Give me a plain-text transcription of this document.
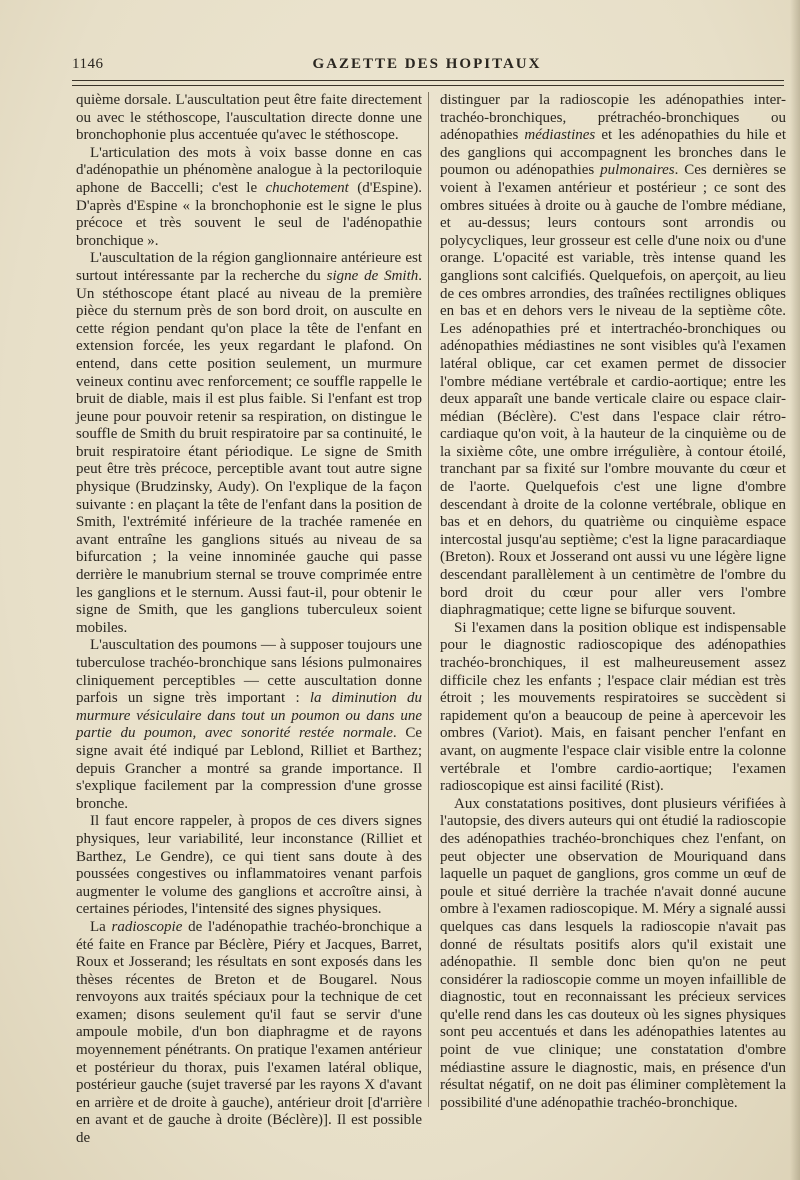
1146	GAZETTE DES HOPITAUX

quième dorsale. L'auscultation peut être faite directement ou avec le stéthoscope, l'auscultation directe donne une bronchophonie plus accentuée qu'avec le stéthoscope.

L'articulation des mots à voix basse donne en cas d'adénopathie un phénomène analogue à la pectoriloquie aphone de Baccelli; c'est le chuchotement (d'Espine). D'après d'Espine « la bronchophonie est le signe le plus précoce et très souvent le seul de l'adénopathie bronchique ».

L'auscultation de la région ganglionnaire antérieure est surtout intéressante par la recherche du signe de Smith. Un stéthoscope étant placé au niveau de la première pièce du sternum près de son bord droit, on ausculte en cette région pendant qu'on place la tête de l'enfant en extension forcée, les yeux regardant le plafond. On entend, dans cette position seulement, un murmure veineux continu avec renforcement; ce souffle rappelle le bruit de diable, mais il est plus faible. Si l'enfant est trop jeune pour pouvoir retenir sa respiration, on distingue le souffle de Smith du bruit respiratoire par sa continuité, le bruit respiratoire étant périodique. Le signe de Smith peut être très précoce, perceptible avant tout autre signe physique (Brudzinsky, Audy). On l'explique de la façon suivante : en plaçant la tête de l'enfant dans la position de Smith, l'extrémité inférieure de la trachée ramenée en avant entraîne les ganglions situés au niveau de sa bifurcation ; la veine innominée gauche qui passe derrière le manubrium sternal se trouve comprimée entre les ganglions et le sternum. Aussi faut-il, pour obtenir le signe de Smith, que les ganglions tuberculeux soient mobiles.

L'auscultation des poumons — à supposer toujours une tuberculose trachéo-bronchique sans lésions pulmonaires cliniquement perceptibles — cette auscultation donne parfois un signe très important : la diminution du murmure vésiculaire dans tout un poumon ou dans une partie du poumon, avec sonorité restée normale. Ce signe avait été indiqué par Leblond, Rilliet et Barthez; depuis Grancher a montré sa grande importance. Il s'explique facilement par la compression d'une grosse bronche.

Il faut encore rappeler, à propos de ces divers signes physiques, leur variabilité, leur inconstance (Rilliet et Barthez, Le Gendre), ce qui tient sans doute à des poussées congestives ou inflammatoires venant parfois augmenter le volume des ganglions et accroître ainsi, à certaines périodes, l'intensité des signes physiques.

La radioscopie de l'adénopathie trachéo-bronchique a été faite en France par Béclère, Piéry et Jacques, Barret, Roux et Josserand; les résultats en sont exposés dans les thèses récentes de Breton et de Bougarel. Nous renvoyons aux traités spéciaux pour la technique de cet examen; disons seulement qu'il faut se servir d'une ampoule mobile, d'un bon diaphragme et de rayons moyennement pénétrants. On pratique l'examen antérieur et postérieur du thorax, puis l'examen latéral oblique, postérieur gauche (sujet traversé par les rayons X d'avant en arrière et de droite à gauche), antérieur droit [d'arrière en avant et de gauche à droite (Béclère)]. Il est possible de

distinguer par la radioscopie les adénopathies inter-trachéo-bronchiques, prétrachéo-bronchiques ou adénopathies médiastines et les adénopathies du hile et des ganglions qui accompagnent les bronches dans le poumon ou adénopathies pulmonaires. Ces dernières se voient à l'examen antérieur et postérieur ; ce sont des ombres situées à droite ou à gauche de l'ombre médiane, et au-dessus; leurs contours sont arrondis ou polycycliques, leur grosseur est celle d'une noix ou d'une orange. L'opacité est variable, très intense quand les ganglions sont calcifiés. Quelquefois, on aperçoit, au lieu de ces ombres arrondies, des traînées rectilignes obliques en bas et en dehors vers le niveau de la septième côte. Les adénopathies pré et intertrachéo-bronchiques ou adénopathies médiastines ne sont visibles qu'à l'examen latéral oblique, car cet examen permet de dissocier l'ombre médiane vertébrale et cardio-aortique; entre les deux apparaît une bande verticale claire ou espace clair-médian (Béclère). C'est dans l'espace clair rétro-cardiaque qu'on voit, à la hauteur de la cinquième ou de la sixième côte, une ombre irrégulière, à contour étoilé, tranchant par sa fixité sur l'ombre mouvante du cœur et de l'aorte. Quelquefois c'est une ligne d'ombre descendant à droite de la colonne vertébrale, oblique en bas et en dehors, du quatrième ou cinquième espace intercostal jusqu'au septième; c'est la ligne paracardiaque (Breton). Roux et Josserand ont aussi vu une légère ligne descendant parallèlement à un centimètre de l'ombre du bord droit du cœur pour aller vers l'ombre diaphragmatique; cette ligne se bifurque souvent.

Si l'examen dans la position oblique est indispensable pour le diagnostic radioscopique des adénopathies trachéo-bronchiques, il est malheureusement assez difficile chez les enfants ; l'espace clair médian est très étroit ; les mouvements respiratoires se succèdent si rapidement qu'on a beaucoup de peine à apercevoir les ombres (Variot). Mais, en faisant pencher l'enfant en avant, on augmente l'espace clair visible entre la colonne vertébrale et l'ombre cardio-aortique; l'examen radioscopique est ainsi facilité (Rist).

Aux constatations positives, dont plusieurs vérifiées à l'autopsie, des divers auteurs qui ont étudié la radioscopie des adénopathies trachéo-bronchiques chez l'enfant, on peut objecter une observation de Mouriquand dans laquelle un paquet de ganglions, gros comme un œuf de poule et situé derrière la trachée n'avait donné aucune ombre à l'examen radioscopique. M. Méry a signalé aussi quelques cas dans lesquels la radioscopie n'avait pas donné de résultats positifs alors qu'il existait une adénopathie. Il semble donc bien qu'on ne peut considérer la radioscopie comme un moyen infaillible de diagnostic, tout en reconnaissant les précieux services qu'elle rend dans les cas douteux où les signes physiques sont peu accentués et dans les adénopathies latentes au point de vue clinique; une constatation d'ombre médiastine assure le diagnostic, mais, en présence d'un résultat négatif, on ne doit pas éliminer complètement la possibilité d'une adénopathie trachéo-bronchique.
